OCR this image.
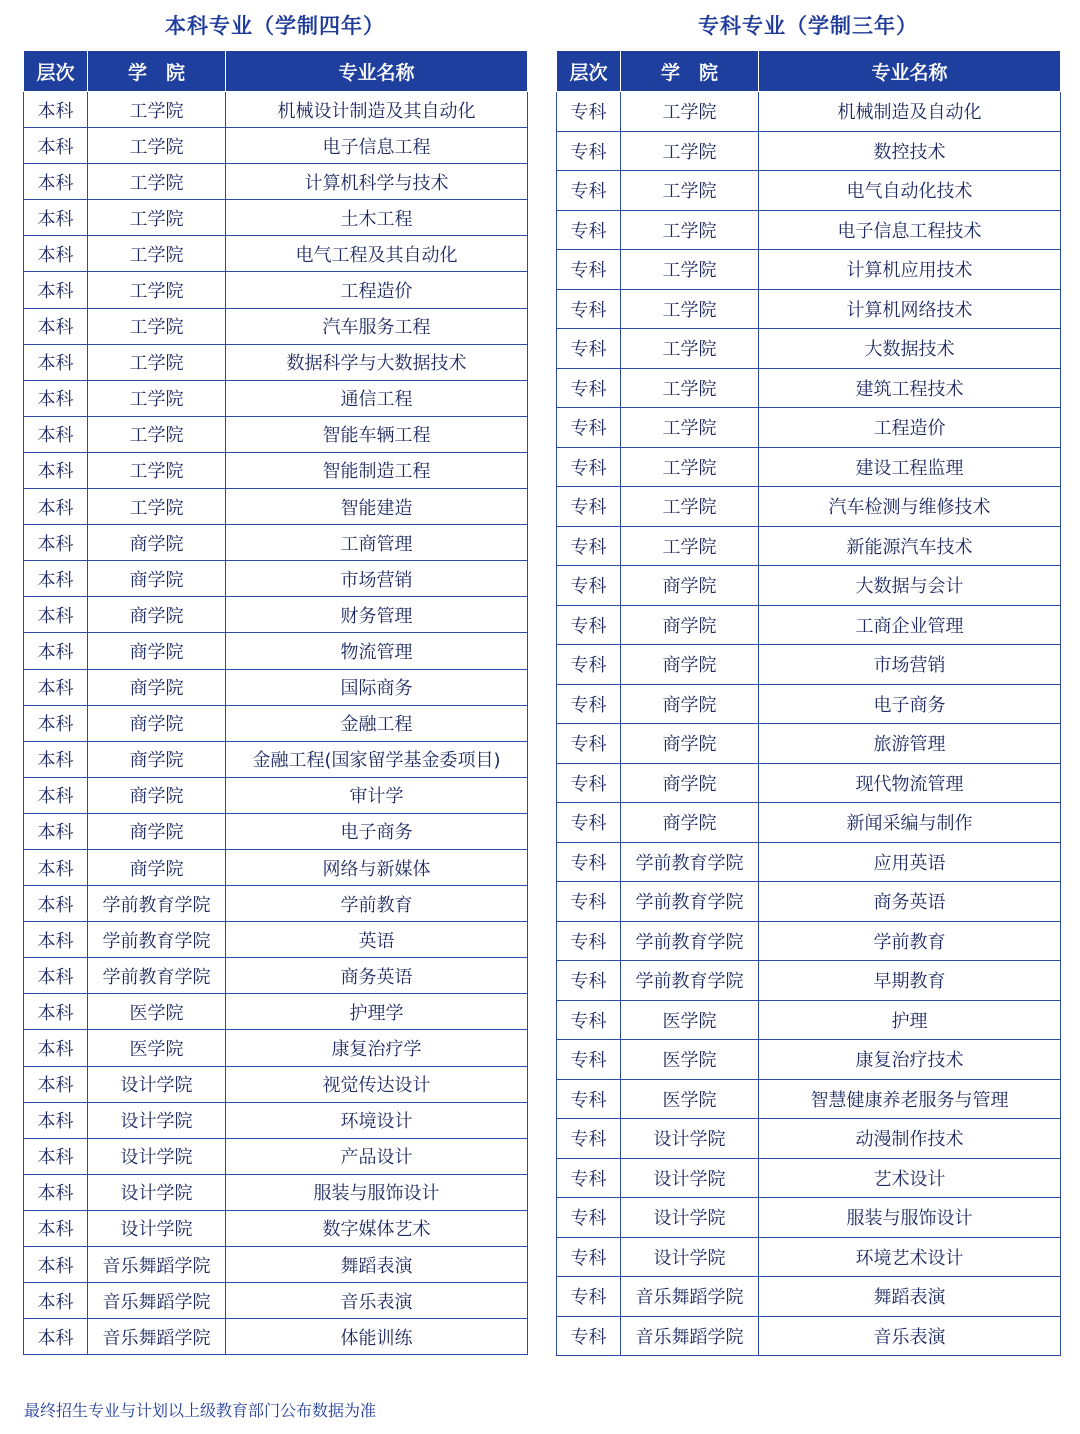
本科专业（学制四年）
层次	学　院	专业名称
本科	工学院	机械设计制造及其自动化
本科	工学院	电子信息工程
本科	工学院	计算机科学与技术
本科	工学院	土木工程
本科	工学院	电气工程及其自动化
本科	工学院	工程造价
本科	工学院	汽车服务工程
本科	工学院	数据科学与大数据技术
本科	工学院	通信工程
本科	工学院	智能车辆工程
本科	工学院	智能制造工程
本科	工学院	智能建造
本科	商学院	工商管理
本科	商学院	市场营销
本科	商学院	财务管理
本科	商学院	物流管理
本科	商学院	国际商务
本科	商学院	金融工程
本科	商学院	金融工程(国家留学基金委项目)
本科	商学院	审计学
本科	商学院	电子商务
本科	商学院	网络与新媒体
本科	学前教育学院	学前教育
本科	学前教育学院	英语
本科	学前教育学院	商务英语
本科	医学院	护理学
本科	医学院	康复治疗学
本科	设计学院	视觉传达设计
本科	设计学院	环境设计
本科	设计学院	产品设计
本科	设计学院	服装与服饰设计
本科	设计学院	数字媒体艺术
本科	音乐舞蹈学院	舞蹈表演
本科	音乐舞蹈学院	音乐表演
本科	音乐舞蹈学院	体能训练
专科专业（学制三年）
层次	学　院	专业名称
专科	工学院	机械制造及自动化
专科	工学院	数控技术
专科	工学院	电气自动化技术
专科	工学院	电子信息工程技术
专科	工学院	计算机应用技术
专科	工学院	计算机网络技术
专科	工学院	大数据技术
专科	工学院	建筑工程技术
专科	工学院	工程造价
专科	工学院	建设工程监理
专科	工学院	汽车检测与维修技术
专科	工学院	新能源汽车技术
专科	商学院	大数据与会计
专科	商学院	工商企业管理
专科	商学院	市场营销
专科	商学院	电子商务
专科	商学院	旅游管理
专科	商学院	现代物流管理
专科	商学院	新闻采编与制作
专科	学前教育学院	应用英语
专科	学前教育学院	商务英语
专科	学前教育学院	学前教育
专科	学前教育学院	早期教育
专科	医学院	护理
专科	医学院	康复治疗技术
专科	医学院	智慧健康养老服务与管理
专科	设计学院	动漫制作技术
专科	设计学院	艺术设计
专科	设计学院	服装与服饰设计
专科	设计学院	环境艺术设计
专科	音乐舞蹈学院	舞蹈表演
专科	音乐舞蹈学院	音乐表演
最终招生专业与计划以上级教育部门公布数据为准
